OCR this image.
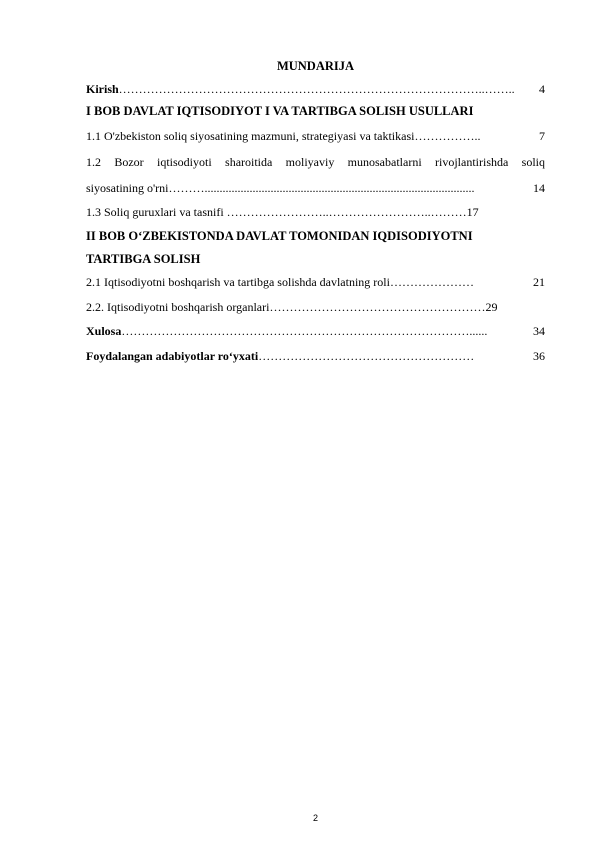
MUNDARIJA
Kirish ………………………………………………………………………………..……..	4
I BOB DAVLAT IQTISODIYOT I VA TARTIBGA SOLISH USULLARI
1.1 O'zbekiston soliq siyosatining mazmuni, strategiyasi va taktikasi ……………..	7
1.2 Bozor iqtisodiyoti sharoitida moliyaviy munosabatlarni rivojlantirishda soliq
siyosatining o'rni ………..........................................................................................	14
1.3 Soliq guruxlari va tasnifi ……………………..……………………..………17
II BOB O‘ZBEKISTONDA DAVLAT TOMONIDAN IQDISODIYOTNI
TARTIBGA SOLISH
2.1 Iqtisodiyotni boshqarish va tartibga solishda davlatning roli …………………	21
2.2. Iqtisodiyotni boshqarish organlari………………………………………………29
Xulosa ……………………………………………………………………………......	34
Foydalangan adabiyotlar ro‘yxati ………………………………………………	36
2
